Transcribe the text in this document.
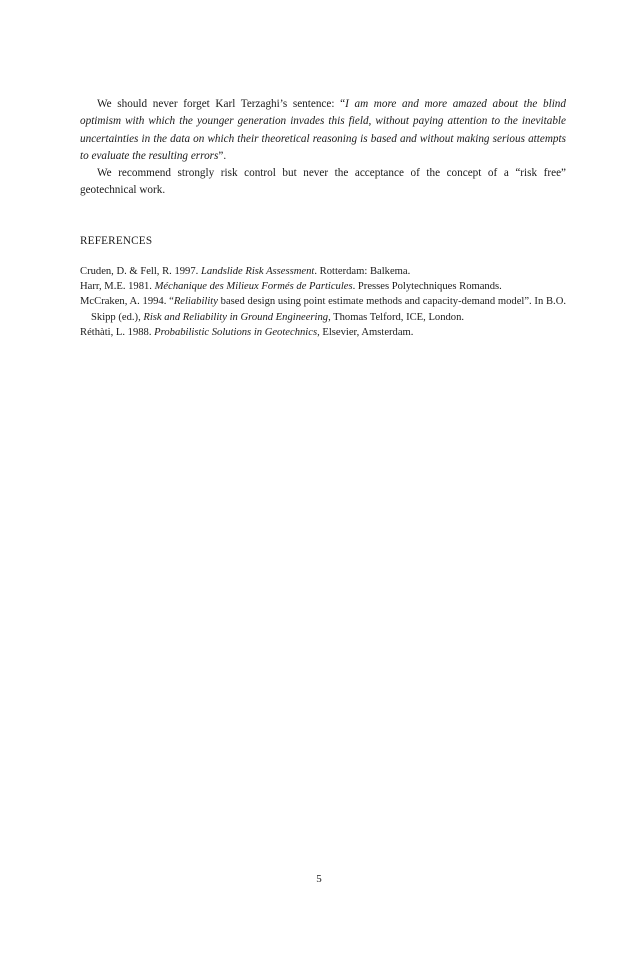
We should never forget Karl Terzaghi’s sentence: “I am more and more amazed about the blind optimism with which the younger generation invades this field, without paying attention to the inevitable uncertainties in the data on which their theoretical reasoning is based and without making serious attempts to evaluate the resulting errors”.

We recommend strongly risk control but never the acceptance of the concept of a “risk free” geotechnical work.

REFERENCES
Cruden, D. & Fell, R. 1997. Landslide Risk Assessment. Rotterdam: Balkema.
Harr, M.E. 1981. Méchanique des Milieux Formés de Particules. Presses Polytechniques Romands.
McCraken, A. 1994. “Reliability based design using point estimate methods and capacity-demand model”. In B.O. Skipp (ed.), Risk and Reliability in Ground Engineering, Thomas Telford, ICE, London.
Réthàti, L. 1988. Probabilistic Solutions in Geotechnics, Elsevier, Amsterdam.
5
